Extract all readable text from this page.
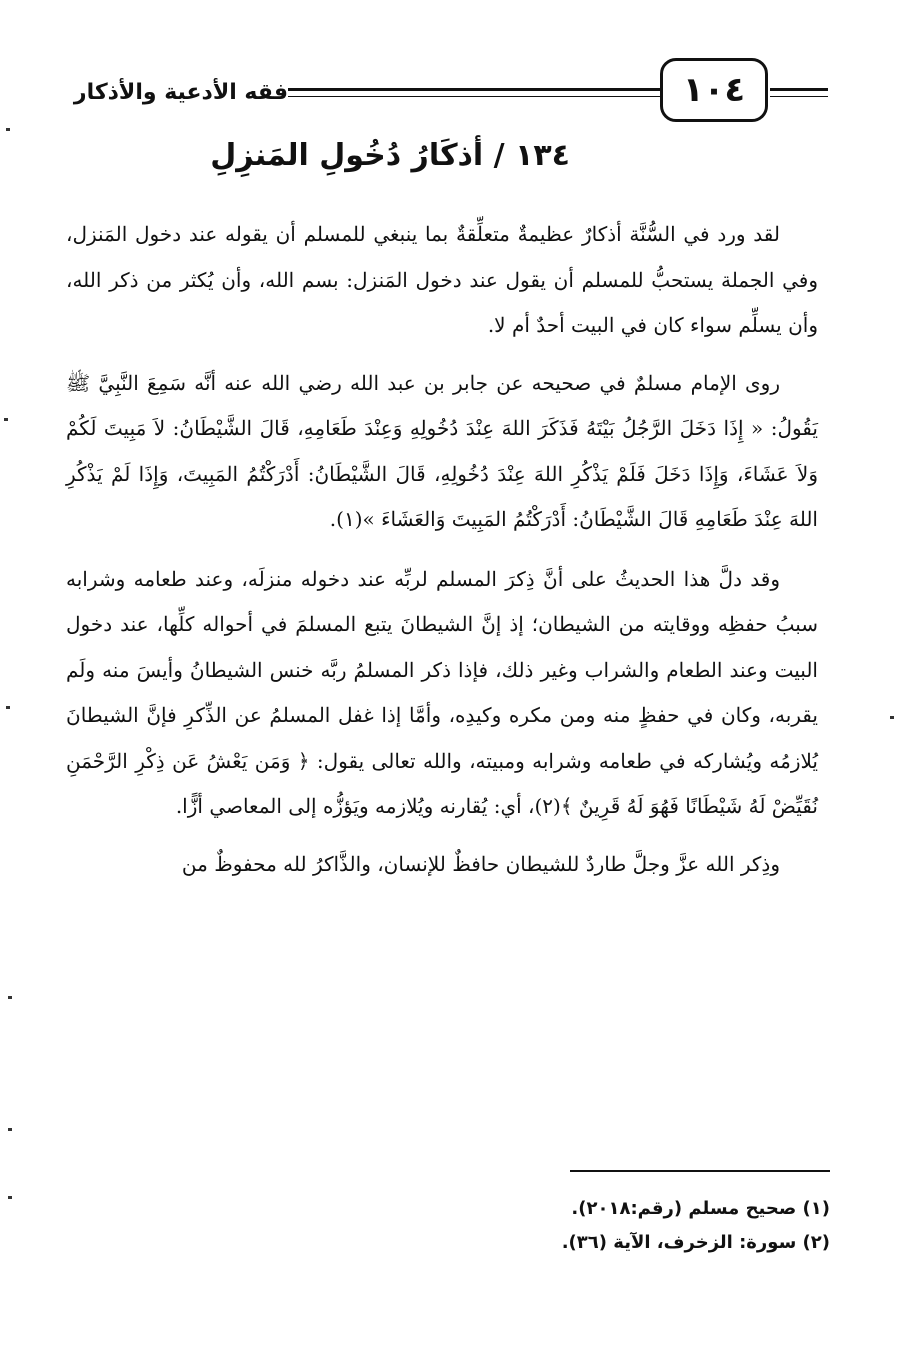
فقه الأدعية والأذكار	١٠٤
١٣٤ / أذكَارُ دُخُولِ المَنزِلِ

لقد ورد في السُّنَّة أذكارٌ عظيمةٌ متعلِّقةٌ بما ينبغي للمسلم أن يقوله عند دخول المَنزل، وفي الجملة يستحبُّ للمسلم أن يقول عند دخول المَنزل: بسم الله، وأن يُكثر من ذكر الله، وأن يسلِّم سواء كان في البيت أحدٌ أم لا.

روى الإمام مسلمٌ في صحيحه عن جابر بن عبد الله رضي الله عنه أنَّه سَمِعَ النَّبِيَّ ﷺ يَقُولُ: « إِذَا دَخَلَ الرَّجُلُ بَيْتَهُ فَذَكَرَ اللهَ عِنْدَ دُخُولِهِ وَعِنْدَ طَعَامِهِ، قَالَ الشَّيْطَانُ: لاَ مَبِيتَ لَكُمْ وَلاَ عَشَاءَ، وَإِذَا دَخَلَ فَلَمْ يَذْكُرِ اللهَ عِنْدَ دُخُولِهِ، قَالَ الشَّيْطَانُ: أَدْرَكْتُمُ المَبِيتَ، وَإِذَا لَمْ يَذْكُرِ اللهَ عِنْدَ طَعَامِهِ قَالَ الشَّيْطَانُ: أَدْرَكْتُمُ المَبِيتَ وَالعَشَاءَ »(١).

وقد دلَّ هذا الحديثُ على أنَّ ذِكرَ المسلم لربِّه عند دخوله منزلَه، وعند طعامه وشرابه سببُ حفظِه ووقايته من الشيطان؛ إذ إنَّ الشيطانَ يتبع المسلمَ في أحواله كلِّها، عند دخول البيت وعند الطعام والشراب وغير ذلك، فإذا ذكر المسلمُ ربَّه خنس الشيطانُ وأيسَ منه ولَم يقربه، وكان في حفظٍ منه ومن مكره وكيدِه، وأمَّا إذا غفل المسلمُ عن الذِّكرِ فإنَّ الشيطانَ يُلازمُه ويُشاركه في طعامه وشرابه ومبيته، والله تعالى يقول: ﴿ وَمَن يَعْشُ عَن ذِكْرِ الرَّحْمَنِ نُقَيِّضْ لَهُ شَيْطَانًا فَهُوَ لَهُ قَرِينٌ ﴾(٢)، أي: يُقارنه ويُلازمه ويَؤزُّه إلى المعاصي أزًّا.

وذِكر الله عزَّ وجلَّ طاردٌ للشيطان حافظٌ للإنسان، والذَّاكرُ لله محفوظٌ من

(١) صحيح مسلم (رقم:٢٠١٨).
(٢) سورة: الزخرف، الآية (٣٦).
